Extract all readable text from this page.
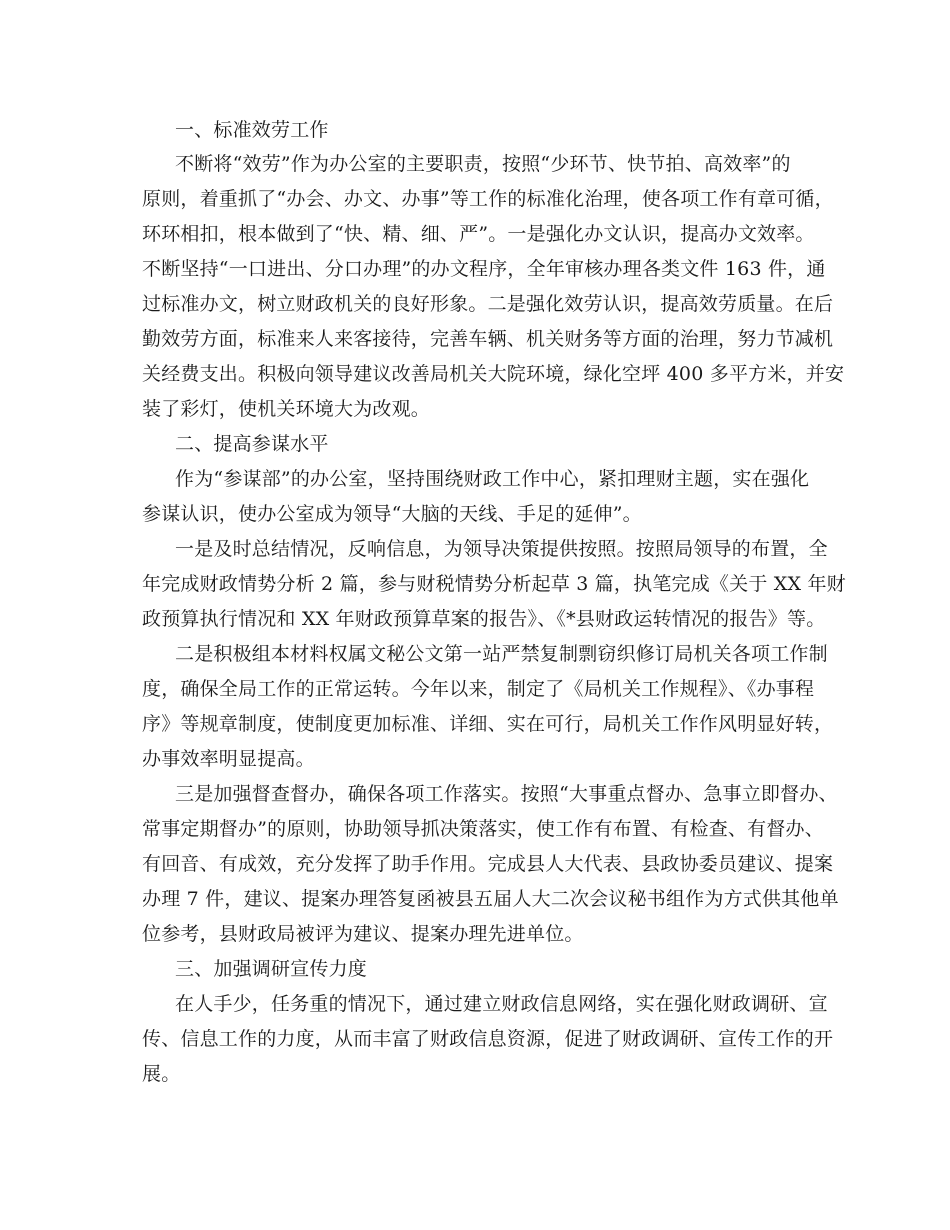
一、标准效劳工作
不断将“效劳”作为办公室的主要职责，按照“少环节、快节拍、高效率”的
原则，着重抓了“办会、办文、办事”等工作的标准化治理，使各项工作有章可循，
环环相扣，根本做到了“快、精、细、严”。一是强化办文认识，提高办文效率。
不断坚持“一口进出、分口办理”的办文程序，全年审核办理各类文件 163 件，通
过标准办文，树立财政机关的良好形象。二是强化效劳认识，提高效劳质量。在后
勤效劳方面，标准来人来客接待，完善车辆、机关财务等方面的治理，努力节减机
关经费支出。积极向领导建议改善局机关大院环境，绿化空坪 400 多平方米，并安
装了彩灯，使机关环境大为改观。
二、提高参谋水平
作为“参谋部”的办公室，坚持围绕财政工作中心，紧扣理财主题，实在强化
参谋认识，使办公室成为领导“大脑的天线、手足的延伸”。
一是及时总结情况，反响信息，为领导决策提供按照。按照局领导的布置，全
年完成财政情势分析 2 篇，参与财税情势分析起草 3 篇，执笔完成《关于 XX 年财
政预算执行情况和 XX 年财政预算草案的报告》、《*县财政运转情况的报告》等。
二是积极组本材料权属文秘公文第一站严禁复制剽窃织修订局机关各项工作制
度，确保全局工作的正常运转。今年以来，制定了《局机关工作规程》、《办事程
序》等规章制度，使制度更加标准、详细、实在可行，局机关工作作风明显好转，
办事效率明显提高。
三是加强督查督办，确保各项工作落实。按照“大事重点督办、急事立即督办、
常事定期督办”的原则，协助领导抓决策落实，使工作有布置、有检查、有督办、
有回音、有成效，充分发挥了助手作用。完成县人大代表、县政协委员建议、提案
办理 7 件，建议、提案办理答复函被县五届人大二次会议秘书组作为方式供其他单
位参考，县财政局被评为建议、提案办理先进单位。
三、加强调研宣传力度
在人手少，任务重的情况下，通过建立财政信息网络，实在强化财政调研、宣
传、信息工作的力度，从而丰富了财政信息资源，促进了财政调研、宣传工作的开
展。
